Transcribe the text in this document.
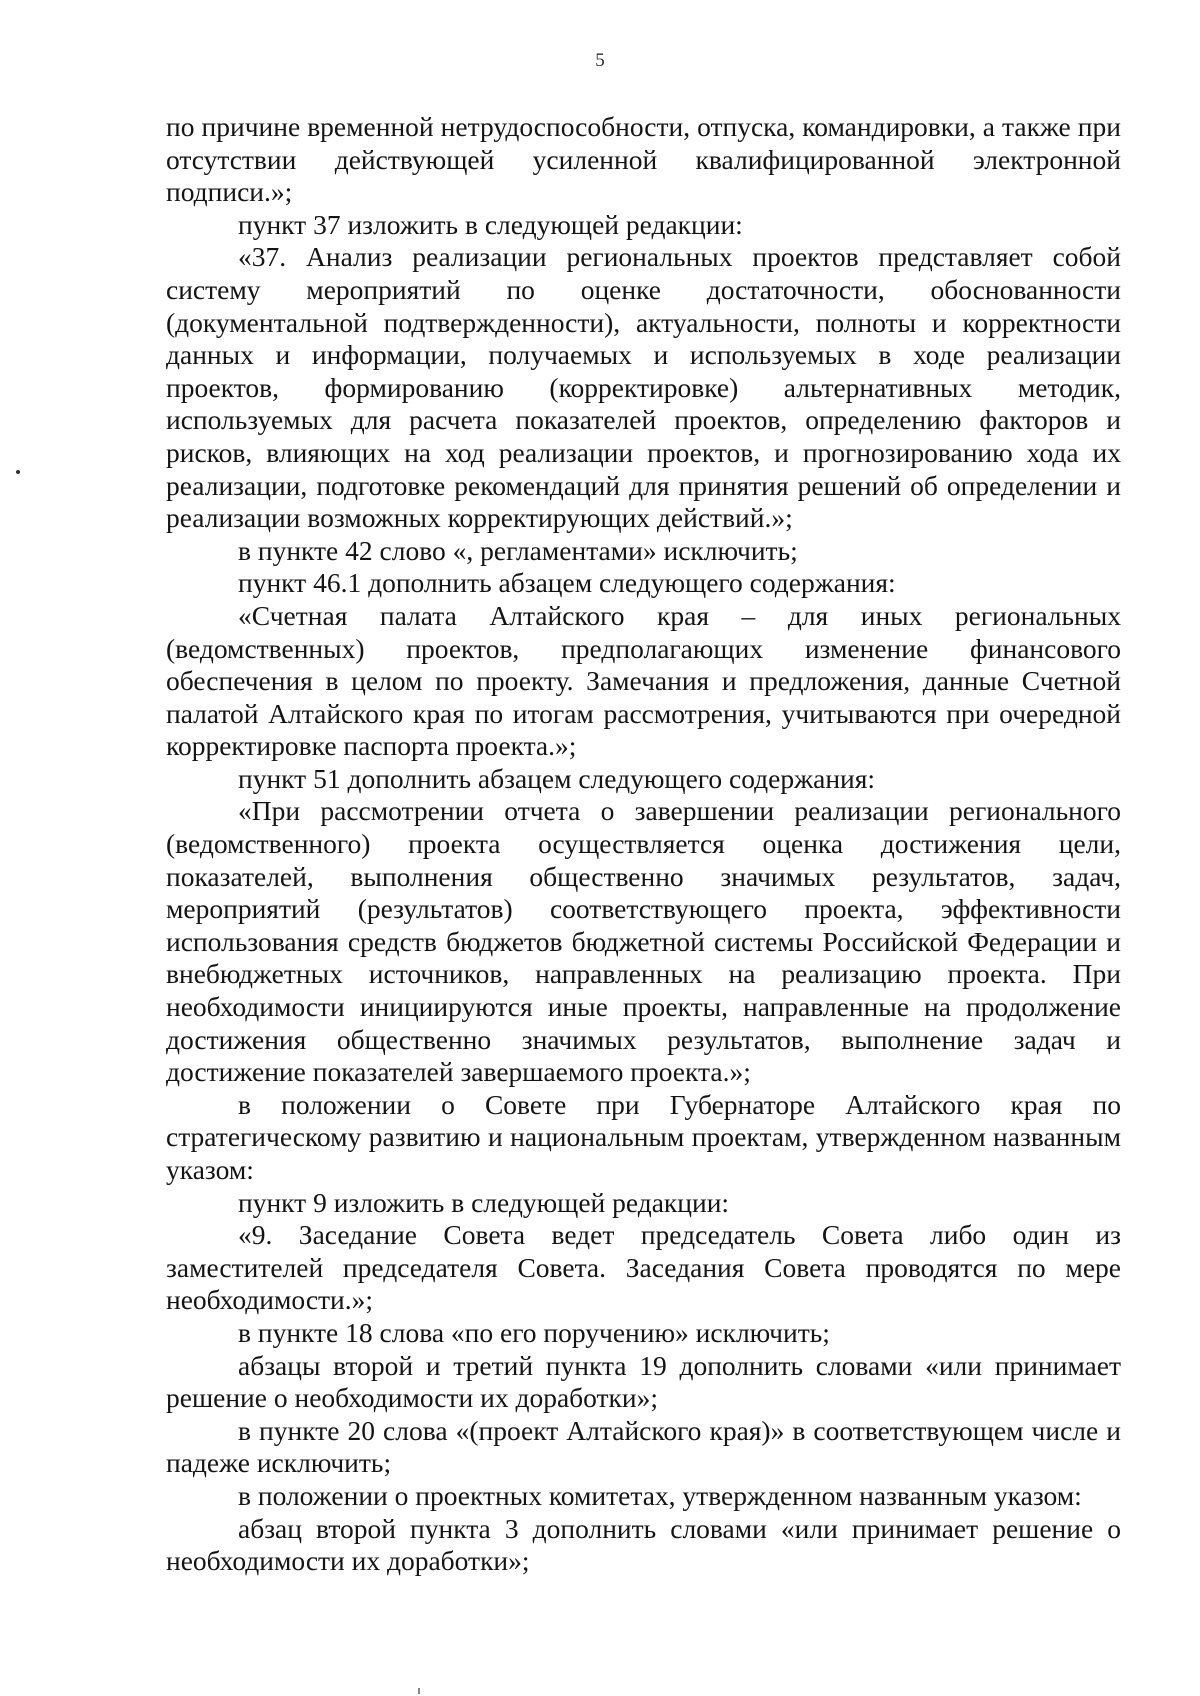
5

по причине временной нетрудоспособности, отпуска, командировки, а также при отсутствии действующей усиленной квалифицированной электронной подписи.»;

пункт 37 изложить в следующей редакции:

«37. Анализ реализации региональных проектов представляет собой систему мероприятий по оценке достаточности, обоснованности (документальной подтвержденности), актуальности, полноты и корректности данных и информации, получаемых и используемых в ходе реализации проектов, формированию (корректировке) альтернативных методик, используемых для расчета показателей проектов, определению факторов и рисков, влияющих на ход реализации проектов, и прогнозированию хода их реализации, подготовке рекомендаций для принятия решений об определении и реализации возможных корректирующих действий.»;

в пункте 42 слово «, регламентами» исключить;

пункт 46.1 дополнить абзацем следующего содержания:

«Счетная палата Алтайского края – для иных региональных (ведомственных) проектов, предполагающих изменение финансового обеспечения в целом по проекту. Замечания и предложения, данные Счетной палатой Алтайского края по итогам рассмотрения, учитываются при очередной корректировке паспорта проекта.»;

пункт 51 дополнить абзацем следующего содержания:

«При рассмотрении отчета о завершении реализации регионального (ведомственного) проекта осуществляется оценка достижения цели, показателей, выполнения общественно значимых результатов, задач, мероприятий (результатов) соответствующего проекта, эффективности использования средств бюджетов бюджетной системы Российской Федерации и внебюджетных источников, направленных на реализацию проекта. При необходимости инициируются иные проекты, направленные на продолжение достижения общественно значимых результатов, выполнение задач и достижение показателей завершаемого проекта.»;

в положении о Совете при Губернаторе Алтайского края по стратегическому развитию и национальным проектам, утвержденном названным указом:

пункт 9 изложить в следующей редакции:

«9. Заседание Совета ведет председатель Совета либо один из заместителей председателя Совета. Заседания Совета проводятся по мере необходимости.»;

в пункте 18 слова «по его поручению» исключить;

абзацы второй и третий пункта 19 дополнить словами «или принимает решение о необходимости их доработки»;

в пункте 20 слова «(проект Алтайского края)» в соответствующем числе и падеже исключить;

в положении о проектных комитетах, утвержденном названным указом:

абзац второй пункта 3 дополнить словами «или принимает решение о необходимости их доработки»;
